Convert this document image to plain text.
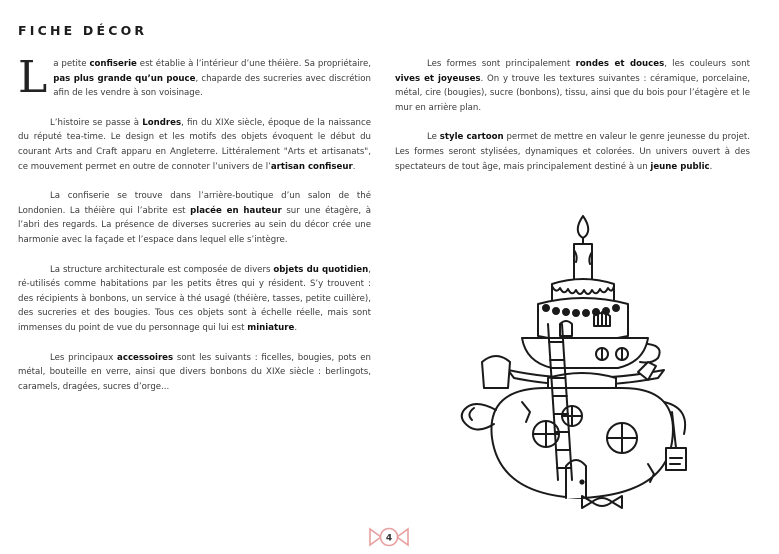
FICHE DÉCOR

La petite confiserie est établie à l’intérieur d’une théière. Sa propriétaire, pas plus grande qu’un pouce, chaparde des sucreries avec discrétion afin de les vendre à son voisinage.

L’histoire se passe à Londres, fin du XIXe siècle, époque de la naissance du réputé tea-time. Le design et les motifs des objets évoquent le début du courant Arts and Craft apparu en Angleterre. Littéralement "Arts et artisanats", ce mouvement permet en outre de connoter l’univers de l’artisan confiseur.

La confiserie se trouve dans l’arrière-boutique d’un salon de thé Londonien. La théière qui l’abrite est placée en hauteur sur une étagère, à l’abri des regards. La présence de diverses sucreries au sein du décor crée une harmonie avec la façade et l’espace dans lequel elle s’intègre.

La structure architecturale est composée de divers objets du quotidien, ré-utilisés comme habitations par les petits êtres qui y résident. S’y trouvent : des récipients à bonbons, un service à thé usagé (théière, tasses, petite cuillère), des sucreries et des bougies. Tous ces objets sont à échelle réelle, mais sont immenses du point de vue du personnage qui lui est miniature.

Les principaux accessoires sont les suivants : ficelles, bougies, pots en métal, bouteille en verre, ainsi que divers bonbons du XIXe siècle : berlingots, caramels, dragées, sucres d’orge...

Les formes sont principalement rondes et douces, les couleurs sont vives et joyeuses. On y trouve les textures suivantes : céramique, porcelaine, métal, cire (bougies), sucre (bonbons), tissu, ainsi que du bois pour l’étagère et le mur en arrière plan.

Le style cartoon permet de mettre en valeur le genre jeunesse du projet. Les formes seront stylisées, dynamiques et colorées. Un univers ouvert à des spectateurs de tout âge, mais principalement destiné à un jeune public.

4
